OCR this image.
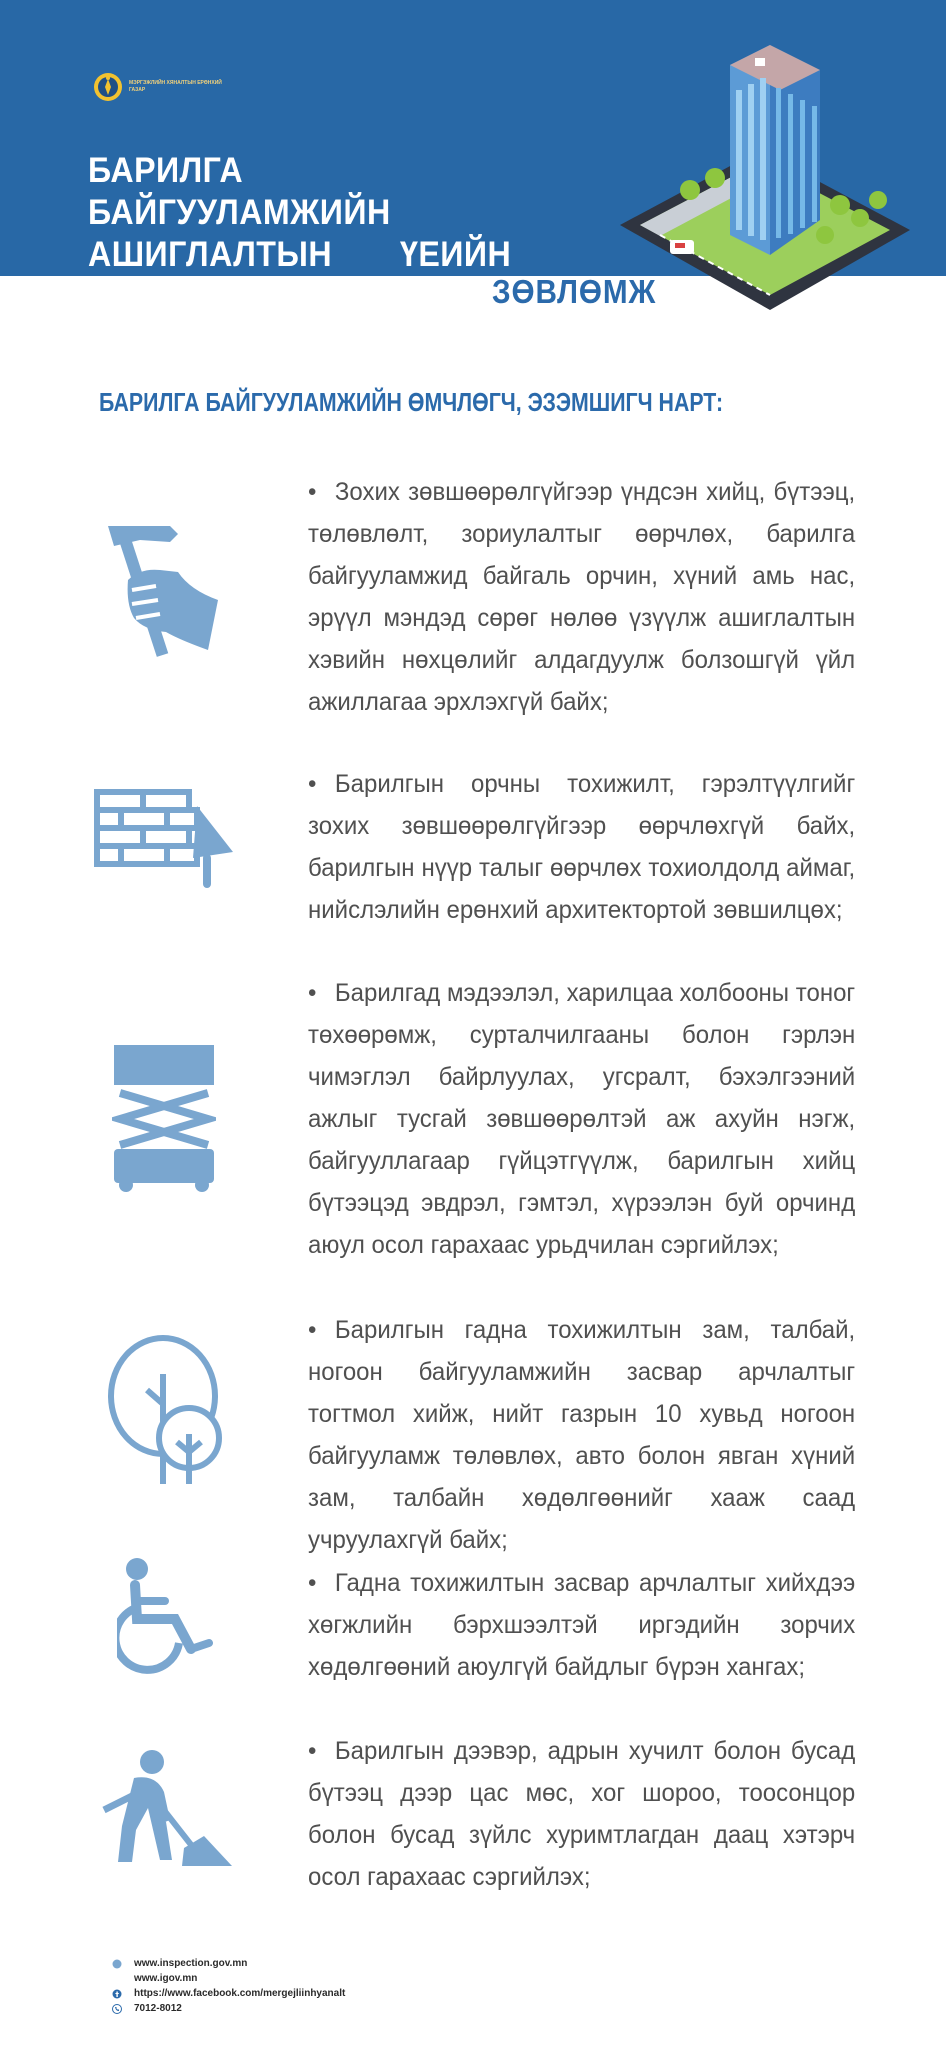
МЭРГЭЖЛИЙН ХЯНАЛТЫН ЕРӨНХИЙ ГАЗАР
БАРИЛГА БАЙГУУЛАМЖИЙН
АШИГЛАЛТЫН ҮЕИЙН АЮУЛГҮЙ
БАЙДЛЫГ ХАНГУУЛАХ ТУХАЙ
ЗӨВЛӨМЖ
БАРИЛГА БАЙГУУЛАМЖИЙН ӨМЧЛӨГЧ, ЭЗЭМШИГЧ НАРТ:
• Зохих зөвшөөрөлгүйгээр үндсэн хийц, бүтээц, төлөвлөлт, зориулалтыг өөрчлөх, барилга байгууламжид байгаль орчин, хүний амь нас, эрүүл мэндэд сөрөг нөлөө үзүүлж ашиглалтын хэвийн нөхцөлийг алдагдуулж болзошгүй үйл ажиллагаа эрхлэхгүй байх;
• Барилгын орчны тохижилт, гэрэлтүүлгийг зохих зөвшөөрөлгүйгээр өөрчлөхгүй байх, барилгын нүүр талыг өөрчлөх тохиолдолд аймаг, нийслэлийн ерөнхий архитектортой зөвшилцөх;
• Барилгад мэдээлэл, харилцаа холбооны тоног төхөөрөмж, сурталчилгааны болон гэрлэн чимэглэл байрлуулах, угсралт, бэхэлгээний ажлыг тусгай зөвшөөрөлтэй аж ахуйн нэгж, байгууллагаар гүйцэтгүүлж, барилгын хийц бүтээцэд эвдрэл, гэмтэл, хүрээлэн буй орчинд аюул осол гарахаас урьдчилан сэргийлэх;
• Барилгын гадна тохижилтын зам, талбай, ногоон байгууламжийн засвар арчлалтыг тогтмол хийж, нийт газрын 10 хувьд ногоон байгууламж төлөвлөх, авто болон явган хүний зам, талбайн хөдөлгөөнийг хааж саад учруулахгүй байх;
• Гадна тохижилтын засвар арчлалтыг хийхдээ хөгжлийн бэрхшээлтэй иргэдийн зорчих хөдөлгөөний аюулгүй байдлыг бүрэн хангах;
• Барилгын дээвэр, адрын хучилт болон бусад бүтээц дээр цас мөс, хог шороо, тоосонцор болон бусад зүйлс хуримтлагдан даац хэтэрч осол гарахаас сэргийлэх;
www.inspection.gov.mn
www.igov.mn
https://www.facebook.com/mergejliinhyanalt
7012-8012
